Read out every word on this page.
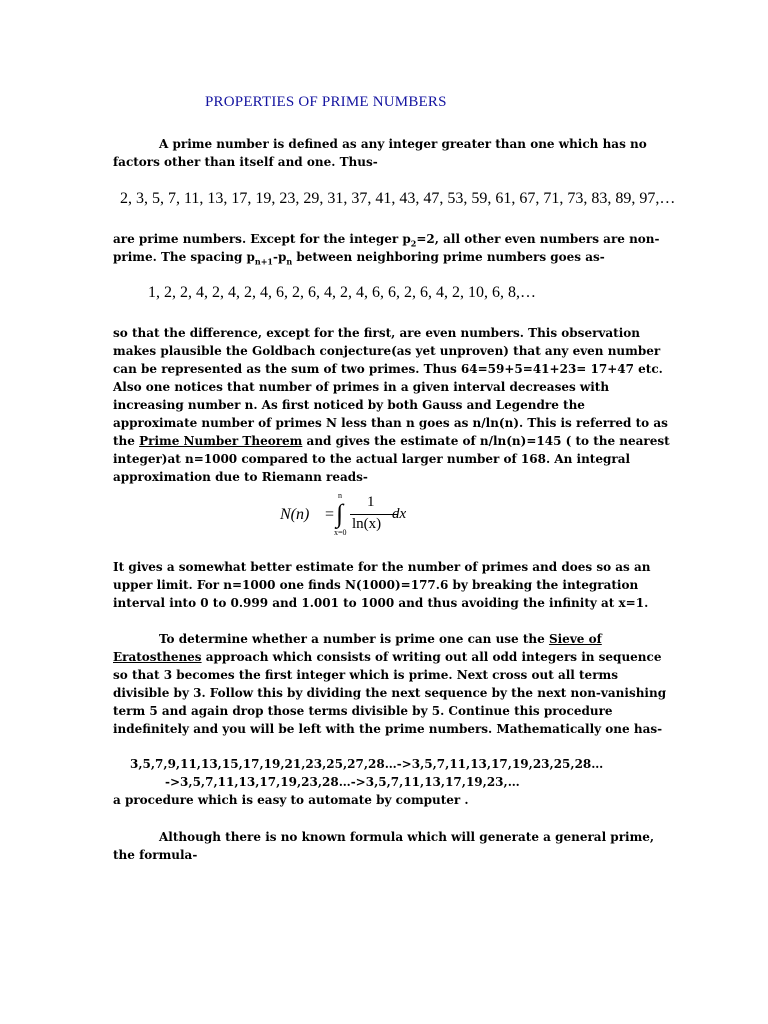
PROPERTIES OF PRIME NUMBERS

A prime number is defined as any integer greater than one which has no factors other than itself and one. Thus-

2, 3, 5, 7, 11, 13, 17, 19, 23, 29, 31, 37, 41, 43, 47, 53, 59, 61, 67, 71, 73, 83, 89, 97,…

are prime numbers. Except for the integer $p_2=2$, all other even numbers are non-prime. The spacing $p_{n+1}-p_n$ between neighboring prime numbers goes as-

1, 2, 2, 4, 2, 4, 2, 4, 6, 2, 6, 4, 2, 4, 6, 6, 2, 6, 4, 2, 10, 6, 8,…

so that the difference, except for the first, are even numbers. This observation makes plausible the Goldbach conjecture(as yet unproven) that any even number can be represented as the sum of two primes. Thus 64=59+5=41+23= 17+47 etc. Also one notices that number of primes in a given interval decreases with increasing number n. As first noticed by both Gauss and Legendre the approximate number of primes N less than n goes as n/ln(n). This is referred to as the Prime Number Theorem and gives the estimate of n/ln(n)=145 ( to the nearest integer)at n=1000 compared to the actual larger number of 168. An integral approximation due to Riemann reads-

N(n) = ∫
n
x=0
1
ln(x)
dx

It gives a somewhat better estimate for the number of primes and does so as an upper limit. For n=1000 one finds N(1000)=177.6 by breaking the integration interval into 0 to 0.999 and 1.001 to 1000 and thus avoiding the infinity at x=1.

To determine whether a number is prime one can use the Sieve of Eratosthenes approach which consists of writing out all odd integers in sequence so that 3 becomes the first integer which is prime. Next cross out all terms divisible by 3. Follow this by dividing the next sequence by the next non-vanishing term 5 and again drop those terms divisible by 5. Continue this procedure indefinitely and you will be left with the prime numbers. Mathematically one has-

3,5,7,9,11,13,15,17,19,21,23,25,27,28…->3,5,7,11,13,17,19,23,25,28…
->3,5,7,11,13,17,19,23,28…->3,5,7,11,13,17,19,23,…
a procedure which is easy to automate by computer .

Although there is no known formula which will generate a general prime, the formula-
